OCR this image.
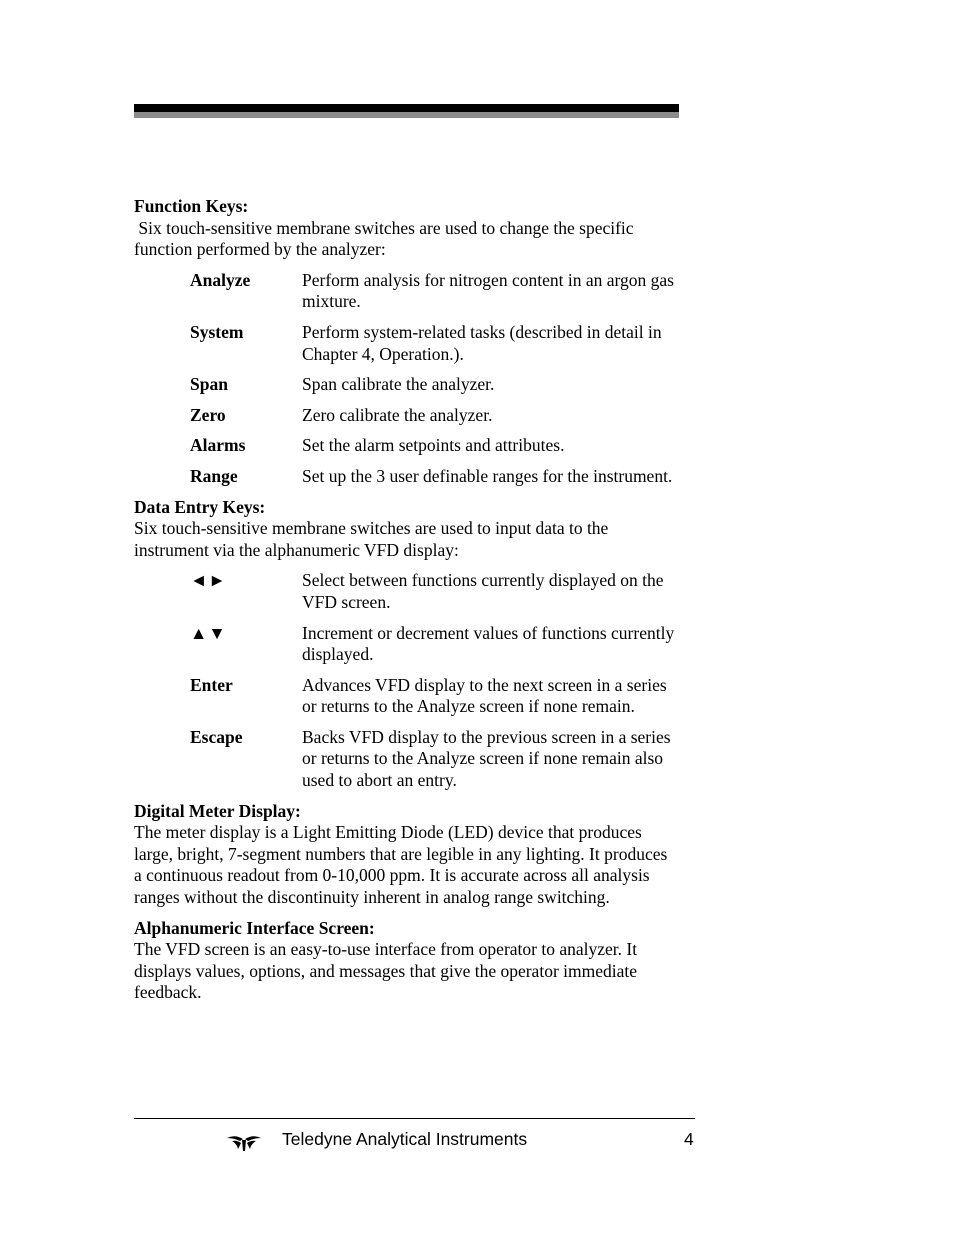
Function Keys:

Six touch-sensitive membrane switches are used to change the specific function performed by the analyzer:

Analyze	Perform analysis for nitrogen content in an argon gas mixture.
System	Perform system-related tasks (described in detail in Chapter 4, Operation.).
Span	Span calibrate the analyzer.
Zero	Zero calibrate the analyzer.
Alarms	Set the alarm setpoints and attributes.
Range	Set up the 3 user definable ranges for the instrument.
Data Entry Keys:

Six touch-sensitive membrane switches are used to input data to the instrument via the alphanumeric VFD display:

◄►	Select between functions currently displayed on the VFD screen.
▲▼	Increment or decrement values of functions currently displayed.
Enter	Advances VFD display to the next screen in a series or returns to the Analyze screen if none remain.
Escape	Backs VFD display to the previous screen in a series or returns to the Analyze screen if none remain also used to abort an entry.
Digital Meter Display:

The meter display is a Light Emitting Diode (LED) device that produces large, bright, 7-segment numbers that are legible in any lighting. It produces a continuous readout from 0-10,000 ppm. It is accurate across all analysis ranges without the discontinuity inherent in analog range switching.

Alphanumeric Interface Screen:

The VFD screen is an easy-to-use interface from operator to analyzer. It displays values, options, and messages that give the operator immediate feedback.

Teledyne Analytical Instruments	4
